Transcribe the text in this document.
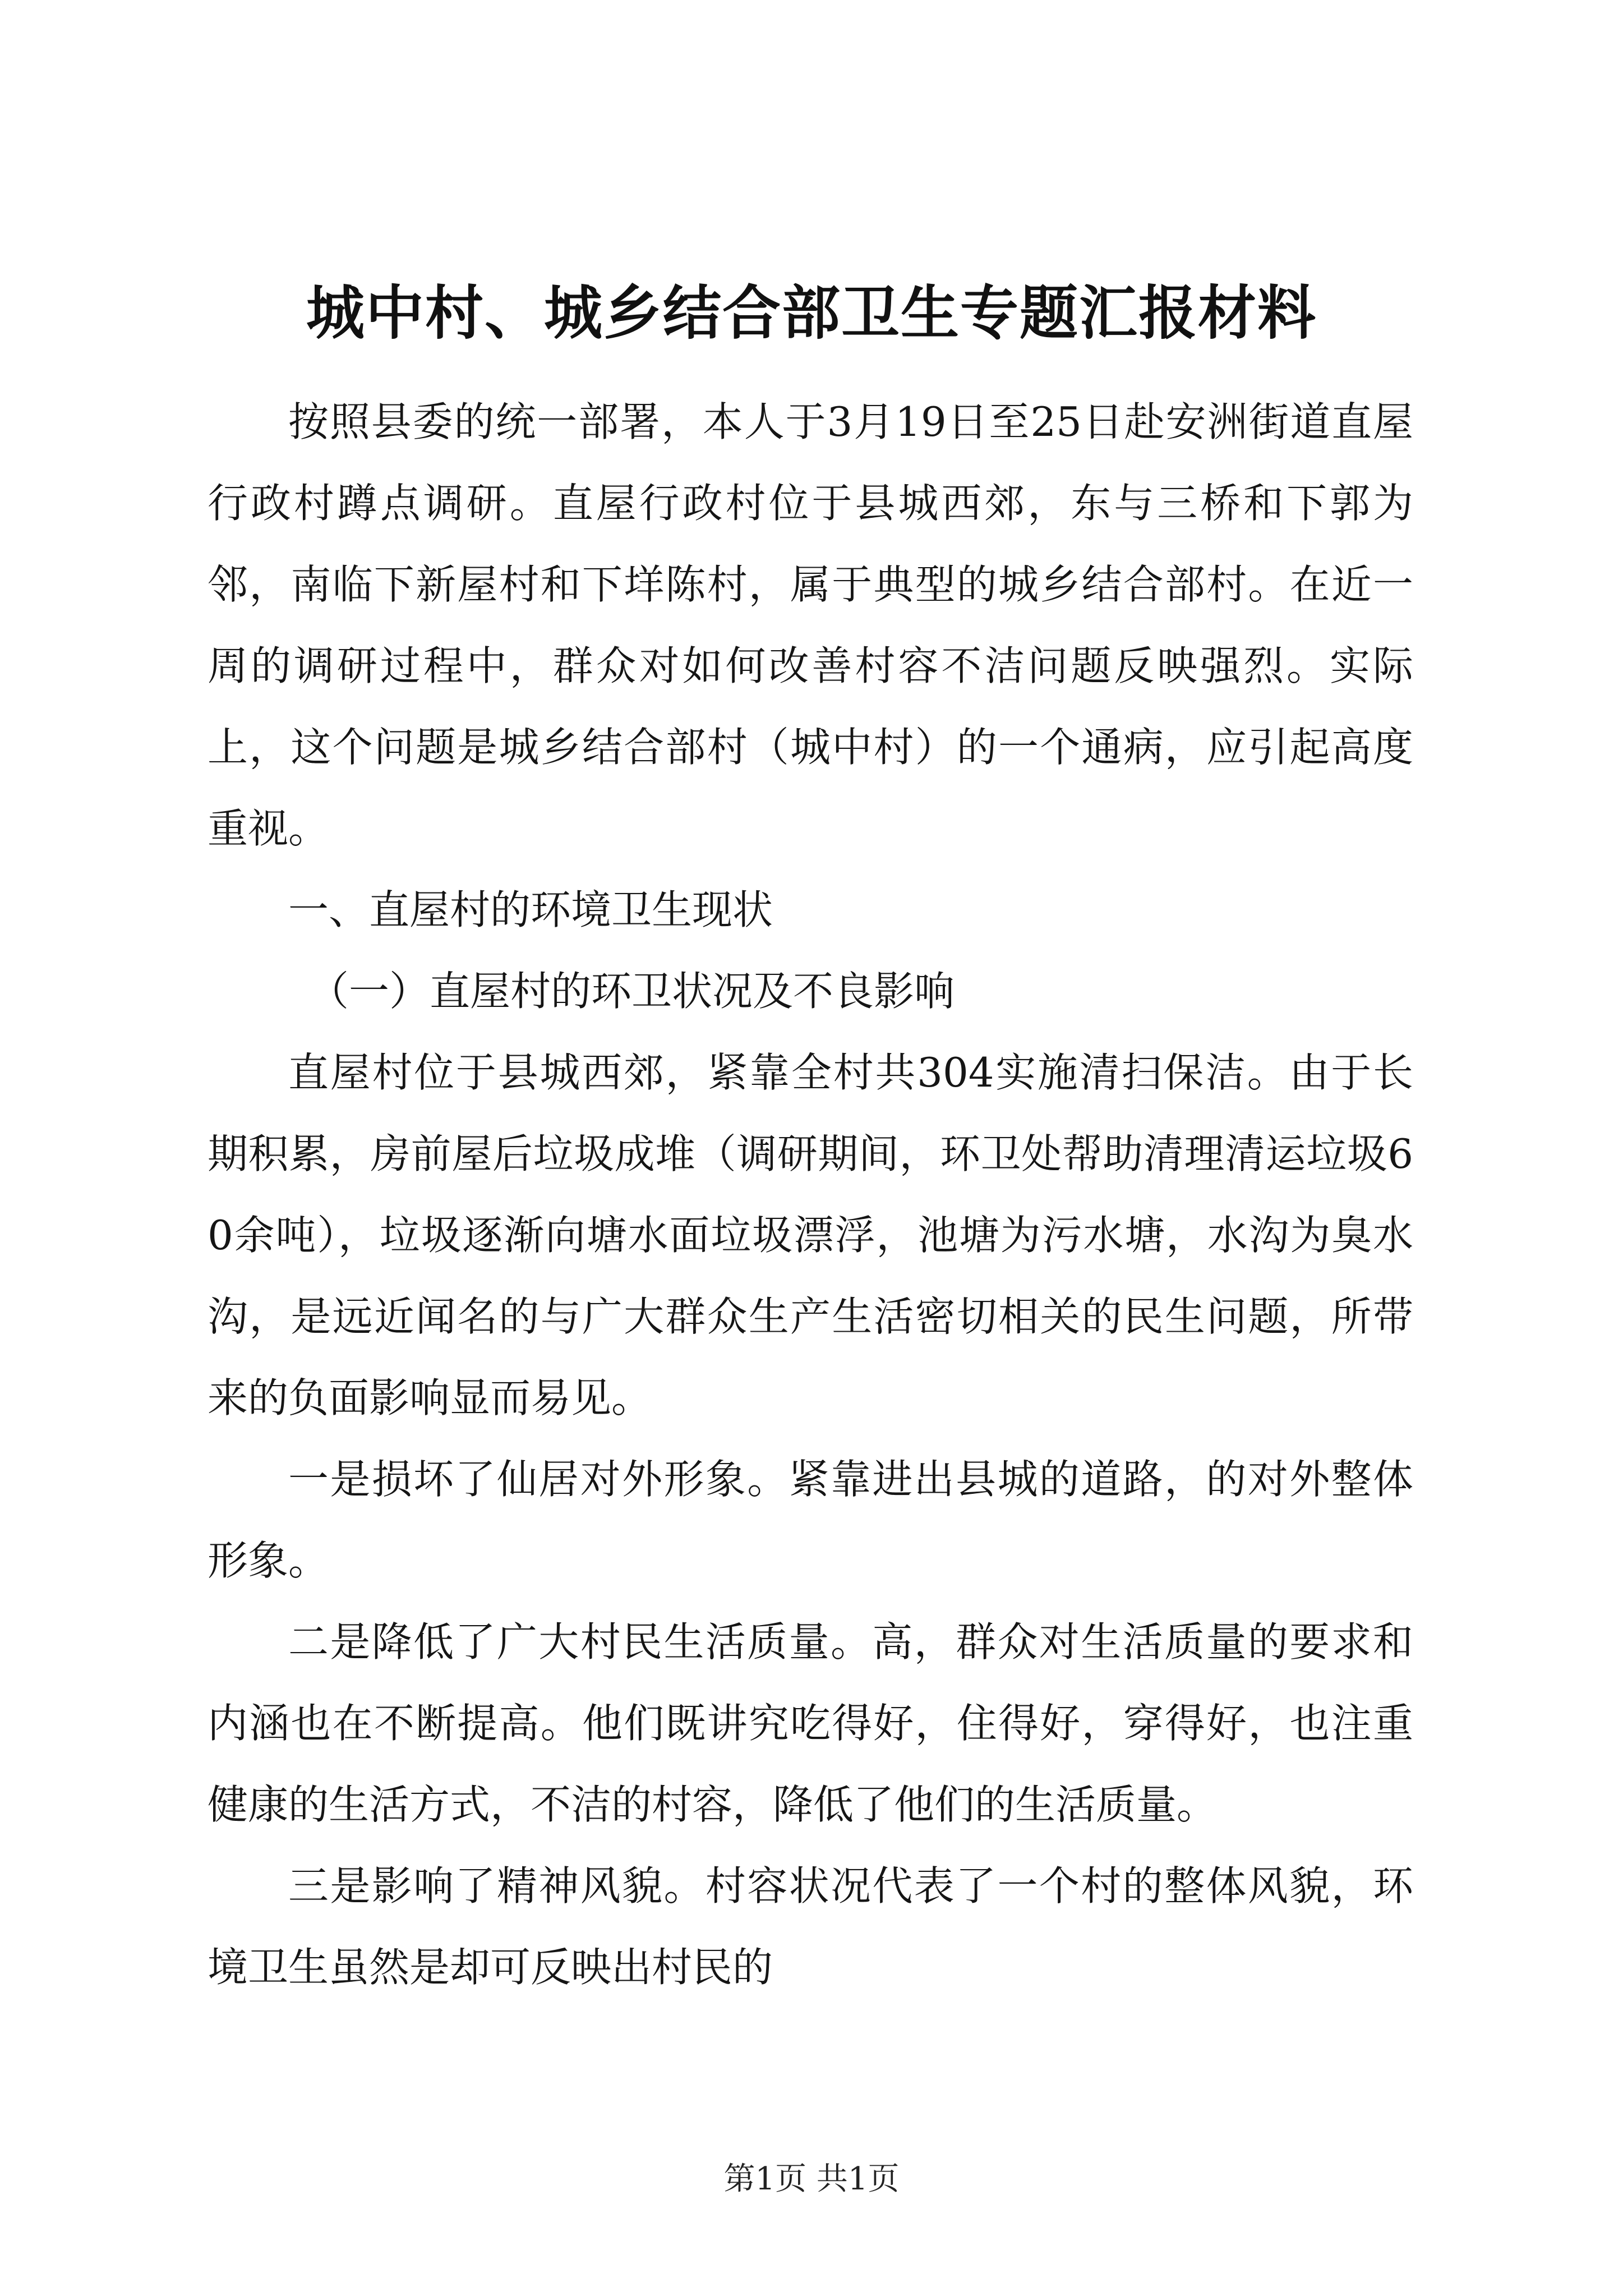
城中村、城乡结合部卫生专题汇报材料

按照县委的统一部署，本人于3月19日至25日赴安洲街道直屋行政村蹲点调研。直屋行政村位于县城西郊，东与三桥和下郭为邻，南临下新屋村和下垟陈村，属于典型的城乡结合部村。在近一周的调研过程中，群众对如何改善村容不洁问题反映强烈。实际上，这个问题是城乡结合部村（城中村）的一个通病，应引起高度重视。

一、直屋村的环境卫生现状

（一）直屋村的环卫状况及不良影响

直屋村位于县城西郊，紧靠全村共304实施清扫保洁。由于长期积累，房前屋后垃圾成堆（调研期间，环卫处帮助清理清运垃圾60余吨），垃圾逐渐向塘水面垃圾漂浮，池塘为污水塘，水沟为臭水沟，是远近闻名的与广大群众生产生活密切相关的民生问题，所带来的负面影响显而易见。

一是损坏了仙居对外形象。紧靠进出县城的道路，的对外整体形象。

二是降低了广大村民生活质量。高，群众对生活质量的要求和内涵也在不断提高。他们既讲究吃得好，住得好，穿得好，也注重健康的生活方式，不洁的村容，降低了他们的生活质量。

三是影响了精神风貌。村容状况代表了一个村的整体风貌，环境卫生虽然是却可反映出村民的

第1页 共1页
